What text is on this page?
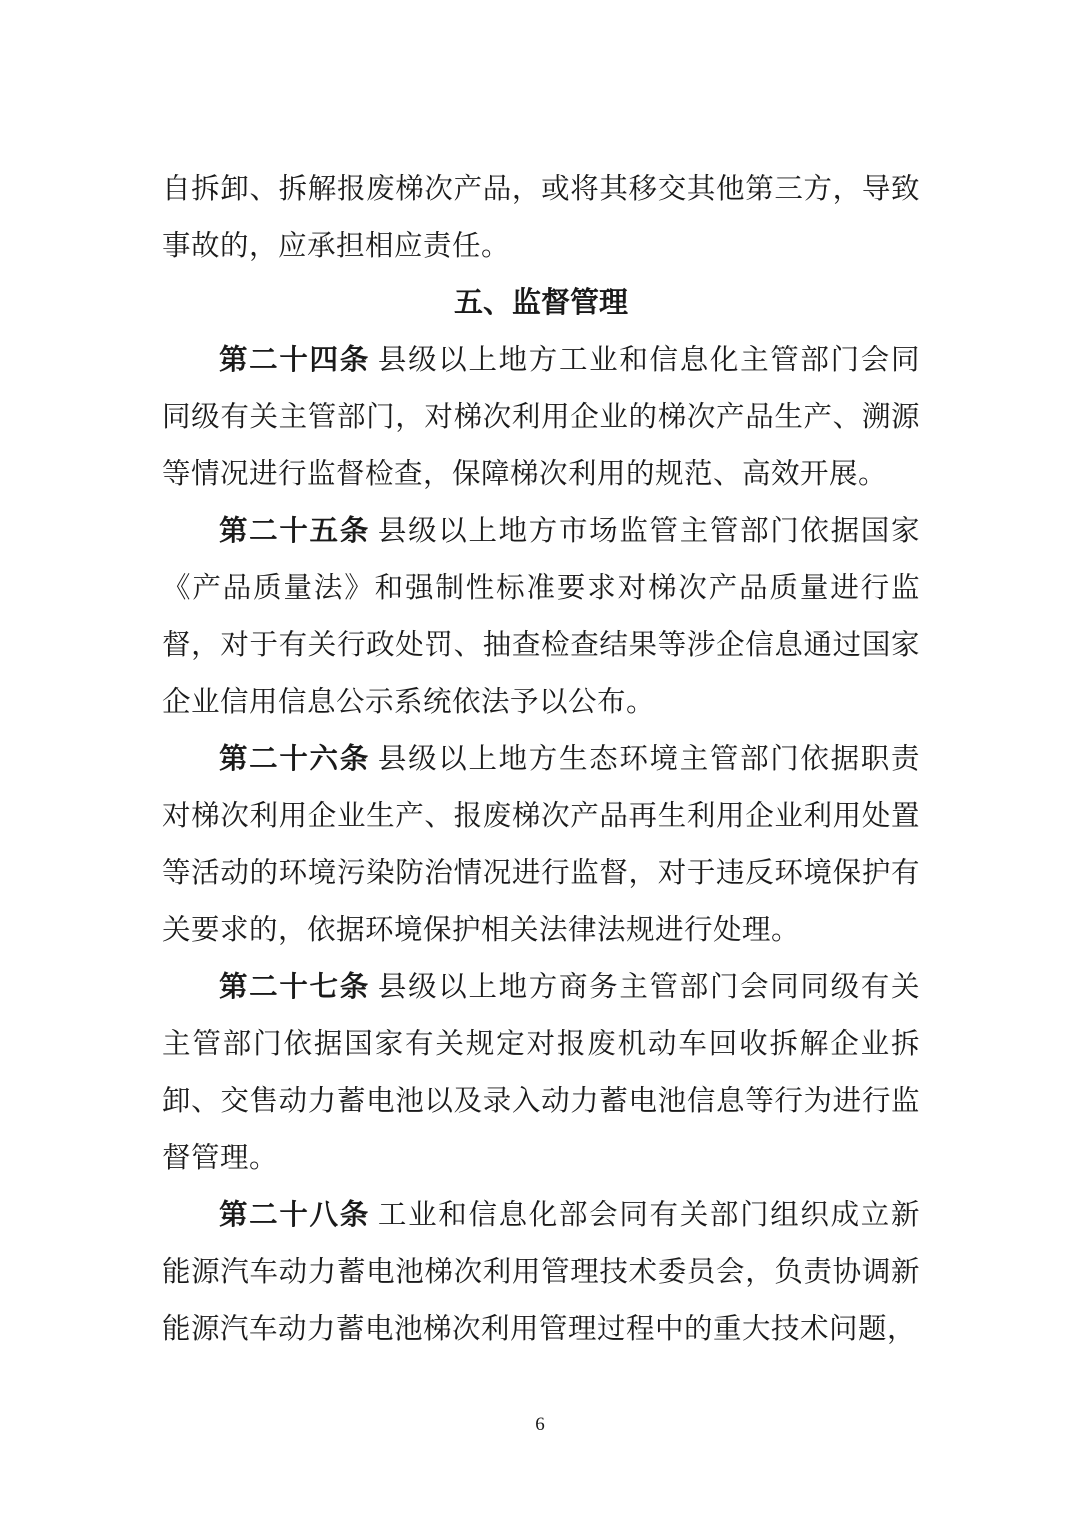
自拆卸、拆解报废梯次产品，或将其移交其他第三方，导致事故的，应承担相应责任。

五、监督管理

第二十四条 县级以上地方工业和信息化主管部门会同同级有关主管部门，对梯次利用企业的梯次产品生产、溯源等情况进行监督检查，保障梯次利用的规范、高效开展。

第二十五条 县级以上地方市场监管主管部门依据国家《产品质量法》和强制性标准要求对梯次产品质量进行监督，对于有关行政处罚、抽查检查结果等涉企信息通过国家企业信用信息公示系统依法予以公布。

第二十六条 县级以上地方生态环境主管部门依据职责对梯次利用企业生产、报废梯次产品再生利用企业利用处置等活动的环境污染防治情况进行监督，对于违反环境保护有关要求的，依据环境保护相关法律法规进行处理。

第二十七条 县级以上地方商务主管部门会同同级有关主管部门依据国家有关规定对报废机动车回收拆解企业拆卸、交售动力蓄电池以及录入动力蓄电池信息等行为进行监督管理。

第二十八条 工业和信息化部会同有关部门组织成立新能源汽车动力蓄电池梯次利用管理技术委员会，负责协调新能源汽车动力蓄电池梯次利用管理过程中的重大技术问题，

6
